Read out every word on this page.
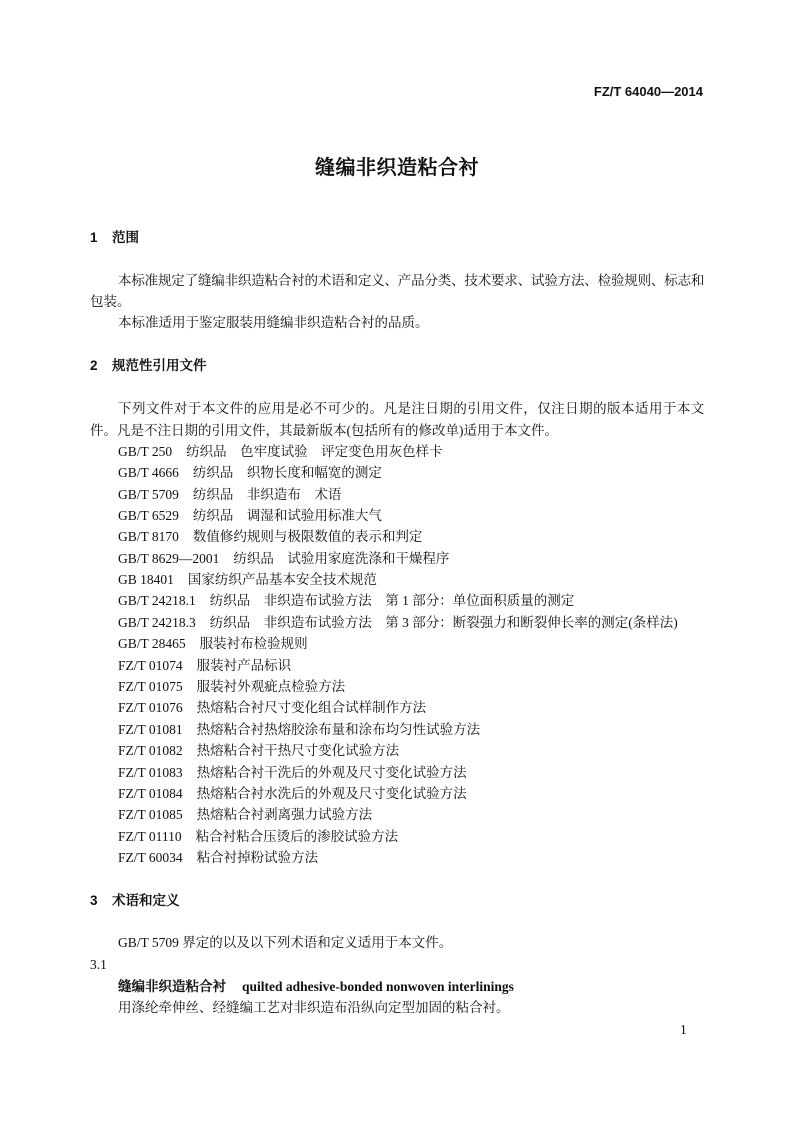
FZ/T 64040—2014
缝编非织造粘合衬
1 范围
本标准规定了缝编非织造粘合衬的术语和定义、产品分类、技术要求、试验方法、检验规则、标志和
包装。
本标准适用于鉴定服装用缝编非织造粘合衬的品质。
2 规范性引用文件
下列文件对于本文件的应用是必不可少的。凡是注日期的引用文件，仅注日期的版本适用于本文
件。凡是不注日期的引用文件，其最新版本(包括所有的修改单)适用于本文件。
GB/T 250 纺织品　色牢度试验　评定变色用灰色样卡
GB/T 4666 纺织品　织物长度和幅宽的测定
GB/T 5709 纺织品　非织造布　术语
GB/T 6529 纺织品　调湿和试验用标准大气
GB/T 8170 数值修约规则与极限数值的表示和判定
GB/T 8629—2001 纺织品　试验用家庭洗涤和干燥程序
GB 18401 国家纺织产品基本安全技术规范
GB/T 24218.1 纺织品　非织造布试验方法　第 1 部分：单位面积质量的测定
GB/T 24218.3 纺织品　非织造布试验方法　第 3 部分：断裂强力和断裂伸长率的测定(条样法)
GB/T 28465 服装衬布检验规则
FZ/T 01074 服装衬产品标识
FZ/T 01075 服装衬外观疵点检验方法
FZ/T 01076 热熔粘合衬尺寸变化组合试样制作方法
FZ/T 01081 热熔粘合衬热熔胶涂布量和涂布均匀性试验方法
FZ/T 01082 热熔粘合衬干热尺寸变化试验方法
FZ/T 01083 热熔粘合衬干洗后的外观及尺寸变化试验方法
FZ/T 01084 热熔粘合衬水洗后的外观及尺寸变化试验方法
FZ/T 01085 热熔粘合衬剥离强力试验方法
FZ/T 01110 粘合衬粘合压烫后的渗胶试验方法
FZ/T 60034 粘合衬掉粉试验方法
3 术语和定义
GB/T 5709 界定的以及以下列术语和定义适用于本文件。
3.1
缝编非织造粘合衬 quilted adhesive-bonded nonwoven interlinings
用涤纶牵伸丝、经缝编工艺对非织造布沿纵向定型加固的粘合衬。
1
